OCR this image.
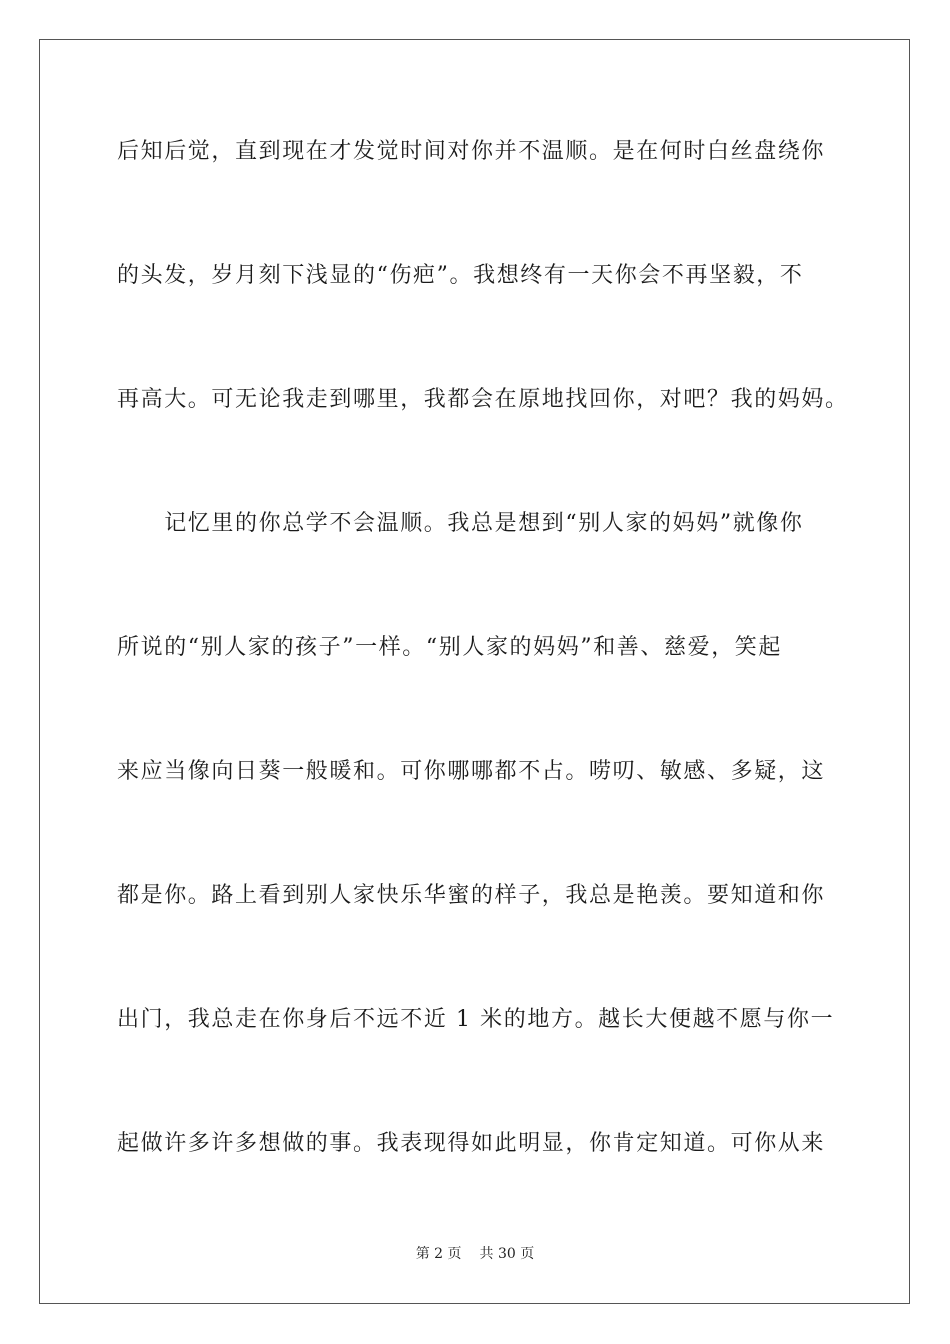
后知后觉，直到现在才发觉时间对你并不温顺。是在何时白丝盘绕你
的头发，岁月刻下浅显的“伤疤”。我想终有一天你会不再坚毅，不
再高大。可无论我走到哪里，我都会在原地找回你，对吧？我的妈妈。
　　记忆里的你总学不会温顺。我总是想到“别人家的妈妈”就像你
所说的“别人家的孩子”一样。“别人家的妈妈”和善、慈爱，笑起
来应当像向日葵一般暖和。可你哪哪都不占。唠叨、敏感、多疑，这
都是你。路上看到别人家快乐华蜜的样子，我总是艳羡。要知道和你
出门，我总走在你身后不远不近 1 米的地方。越长大便越不愿与你一
起做许多许多想做的事。我表现得如此明显，你肯定知道。可你从来
第 2 页 共 30 页
